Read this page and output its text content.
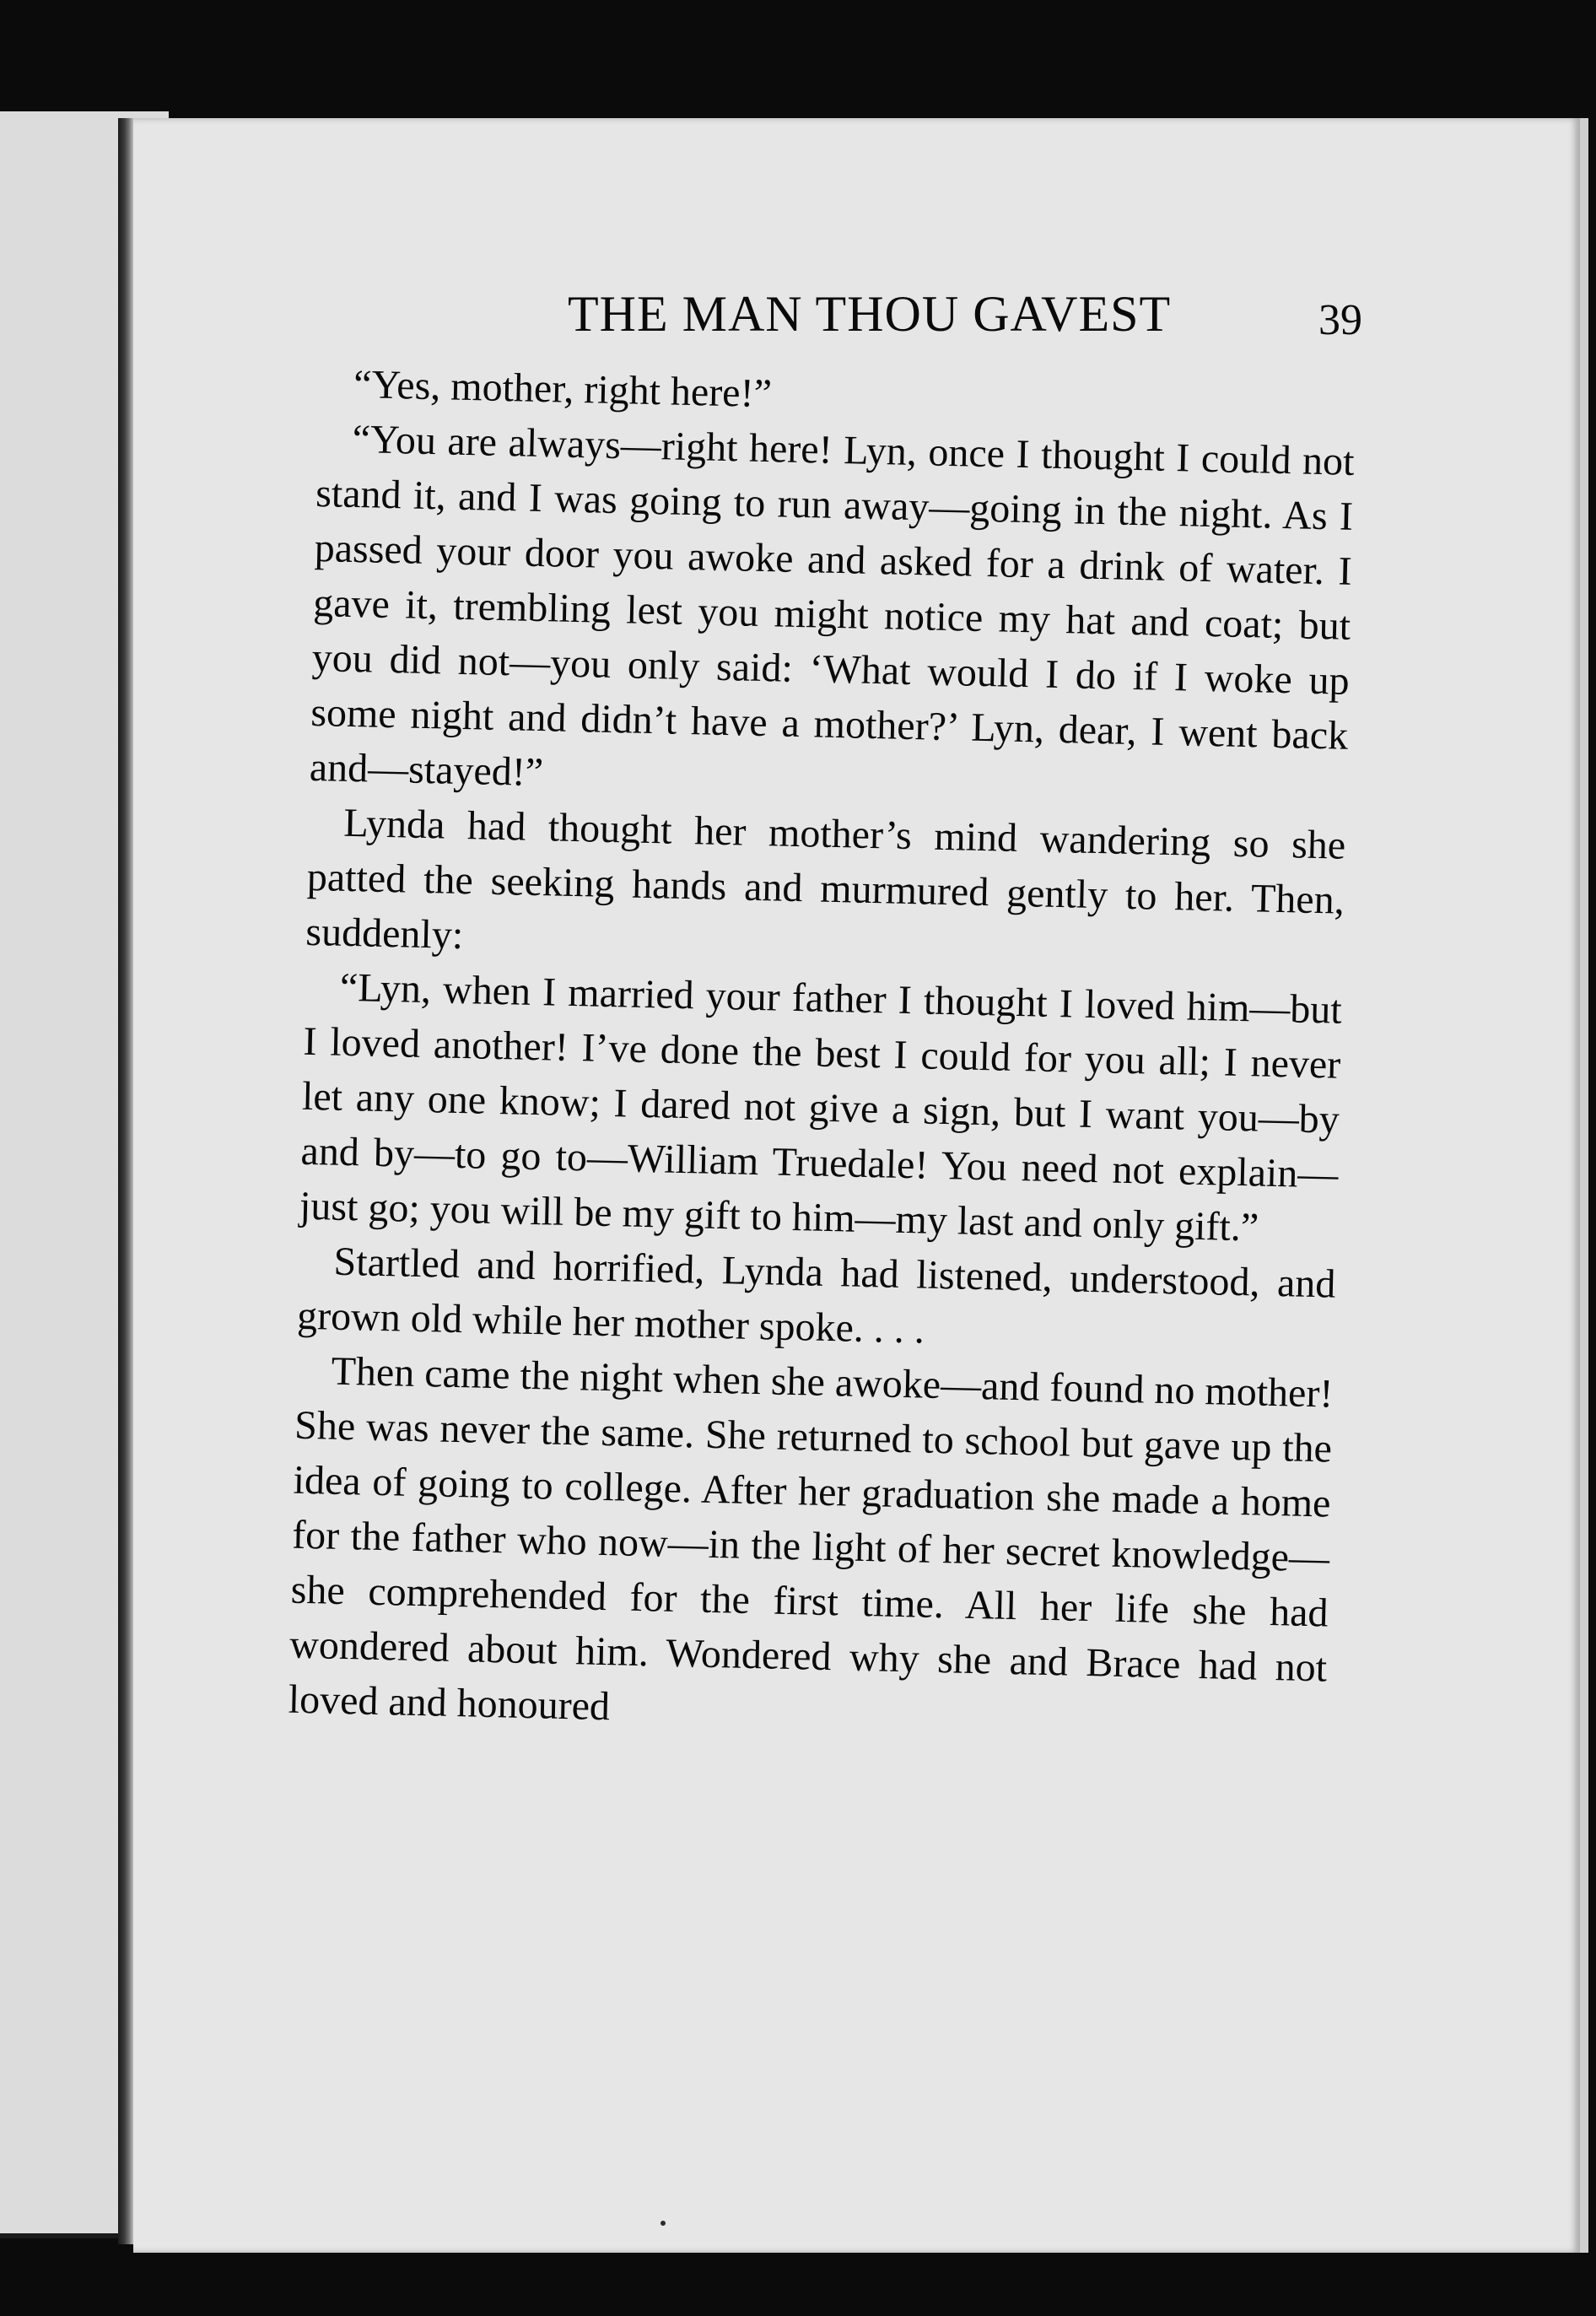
THE MAN THOU GAVEST	39

“Yes, mother, right here!”

“You are always—right here! Lyn, once I thought I could not stand it, and I was going to run away—going in the night. As I passed your door you awoke and asked for a drink of water. I gave it, trembling lest you might notice my hat and coat; but you did not—you only said: ‘What would I do if I woke up some night and didn’t have a mother?’ Lyn, dear, I went back and—stayed!”

Lynda had thought her mother’s mind wandering so she patted the seeking hands and murmured gently to her. Then, suddenly:

“Lyn, when I married your father I thought I loved him—but I loved another! I’ve done the best I could for you all; I never let any one know; I dared not give a sign, but I want you—by and by—to go to—William Truedale! You need not explain—just go; you will be my gift to him—my last and only gift.”

Startled and horrified, Lynda had listened, understood, and grown old while her mother spoke. . . .

Then came the night when she awoke—and found no mother! She was never the same. She returned to school but gave up the idea of going to college. After her graduation she made a home for the father who now—in the light of her secret knowledge—she comprehended for the first time. All her life she had wondered about him. Wondered why she and Brace had not loved and honoured
